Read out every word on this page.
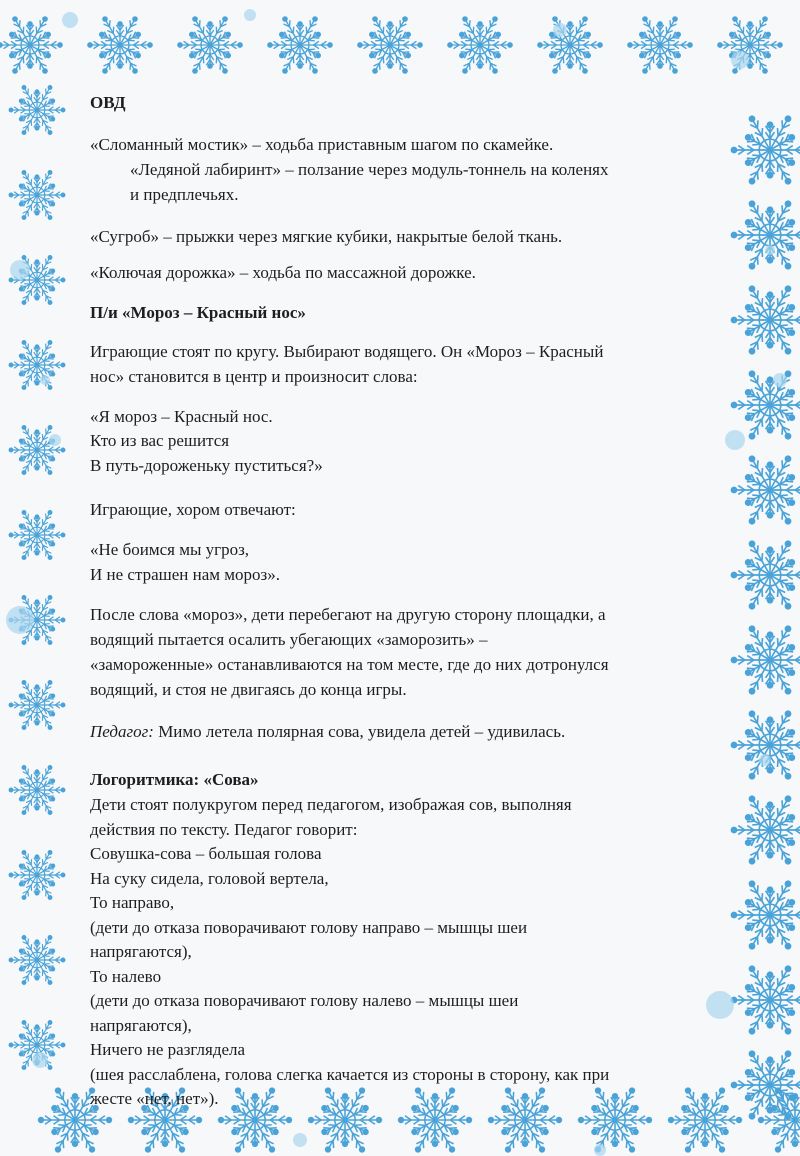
ОВД
«Сломанный мостик» – ходьба приставным шагом по скамейке.
«Ледяной лабиринт» – ползание через модуль-тоннель на коленях
и предплечьях.
«Сугроб» – прыжки через мягкие кубики, накрытые белой ткань.
«Колючая дорожка» – ходьба по массажной дорожке.
П/и «Мороз – Красный нос»
Играющие стоят по кругу. Выбирают водящего. Он «Мороз – Красный
нос» становится в центр и произносит слова:
«Я мороз – Красный нос.
Кто из вас решится
В путь-дороженьку пуститься?»
Играющие, хором отвечают:
«Не боимся мы угроз,
И не страшен нам мороз».
После слова «мороз», дети перебегают на другую сторону площадки, а
водящий пытается осалить убегающих «заморозить» –
«замороженные» останавливаются на том месте, где до них дотронулся
водящий, и стоя не двигаясь до конца игры.
Педагог: Мимо летела полярная сова, увидела детей – удивилась.
Логоритмика: «Сова»
Дети стоят полукругом перед педагогом, изображая сов, выполняя
действия по тексту. Педагог говорит:
Совушка-сова – большая голова
На суку сидела, головой вертела,
То направо,
(дети до отказа поворачивают голову направо – мышцы шеи
напрягаются),
То налево
(дети до отказа поворачивают голову налево – мышцы шеи
напрягаются),
Ничего не разглядела
(шея расслаблена, голова слегка качается из стороны в сторону, как при
жесте «нет, нет»).
